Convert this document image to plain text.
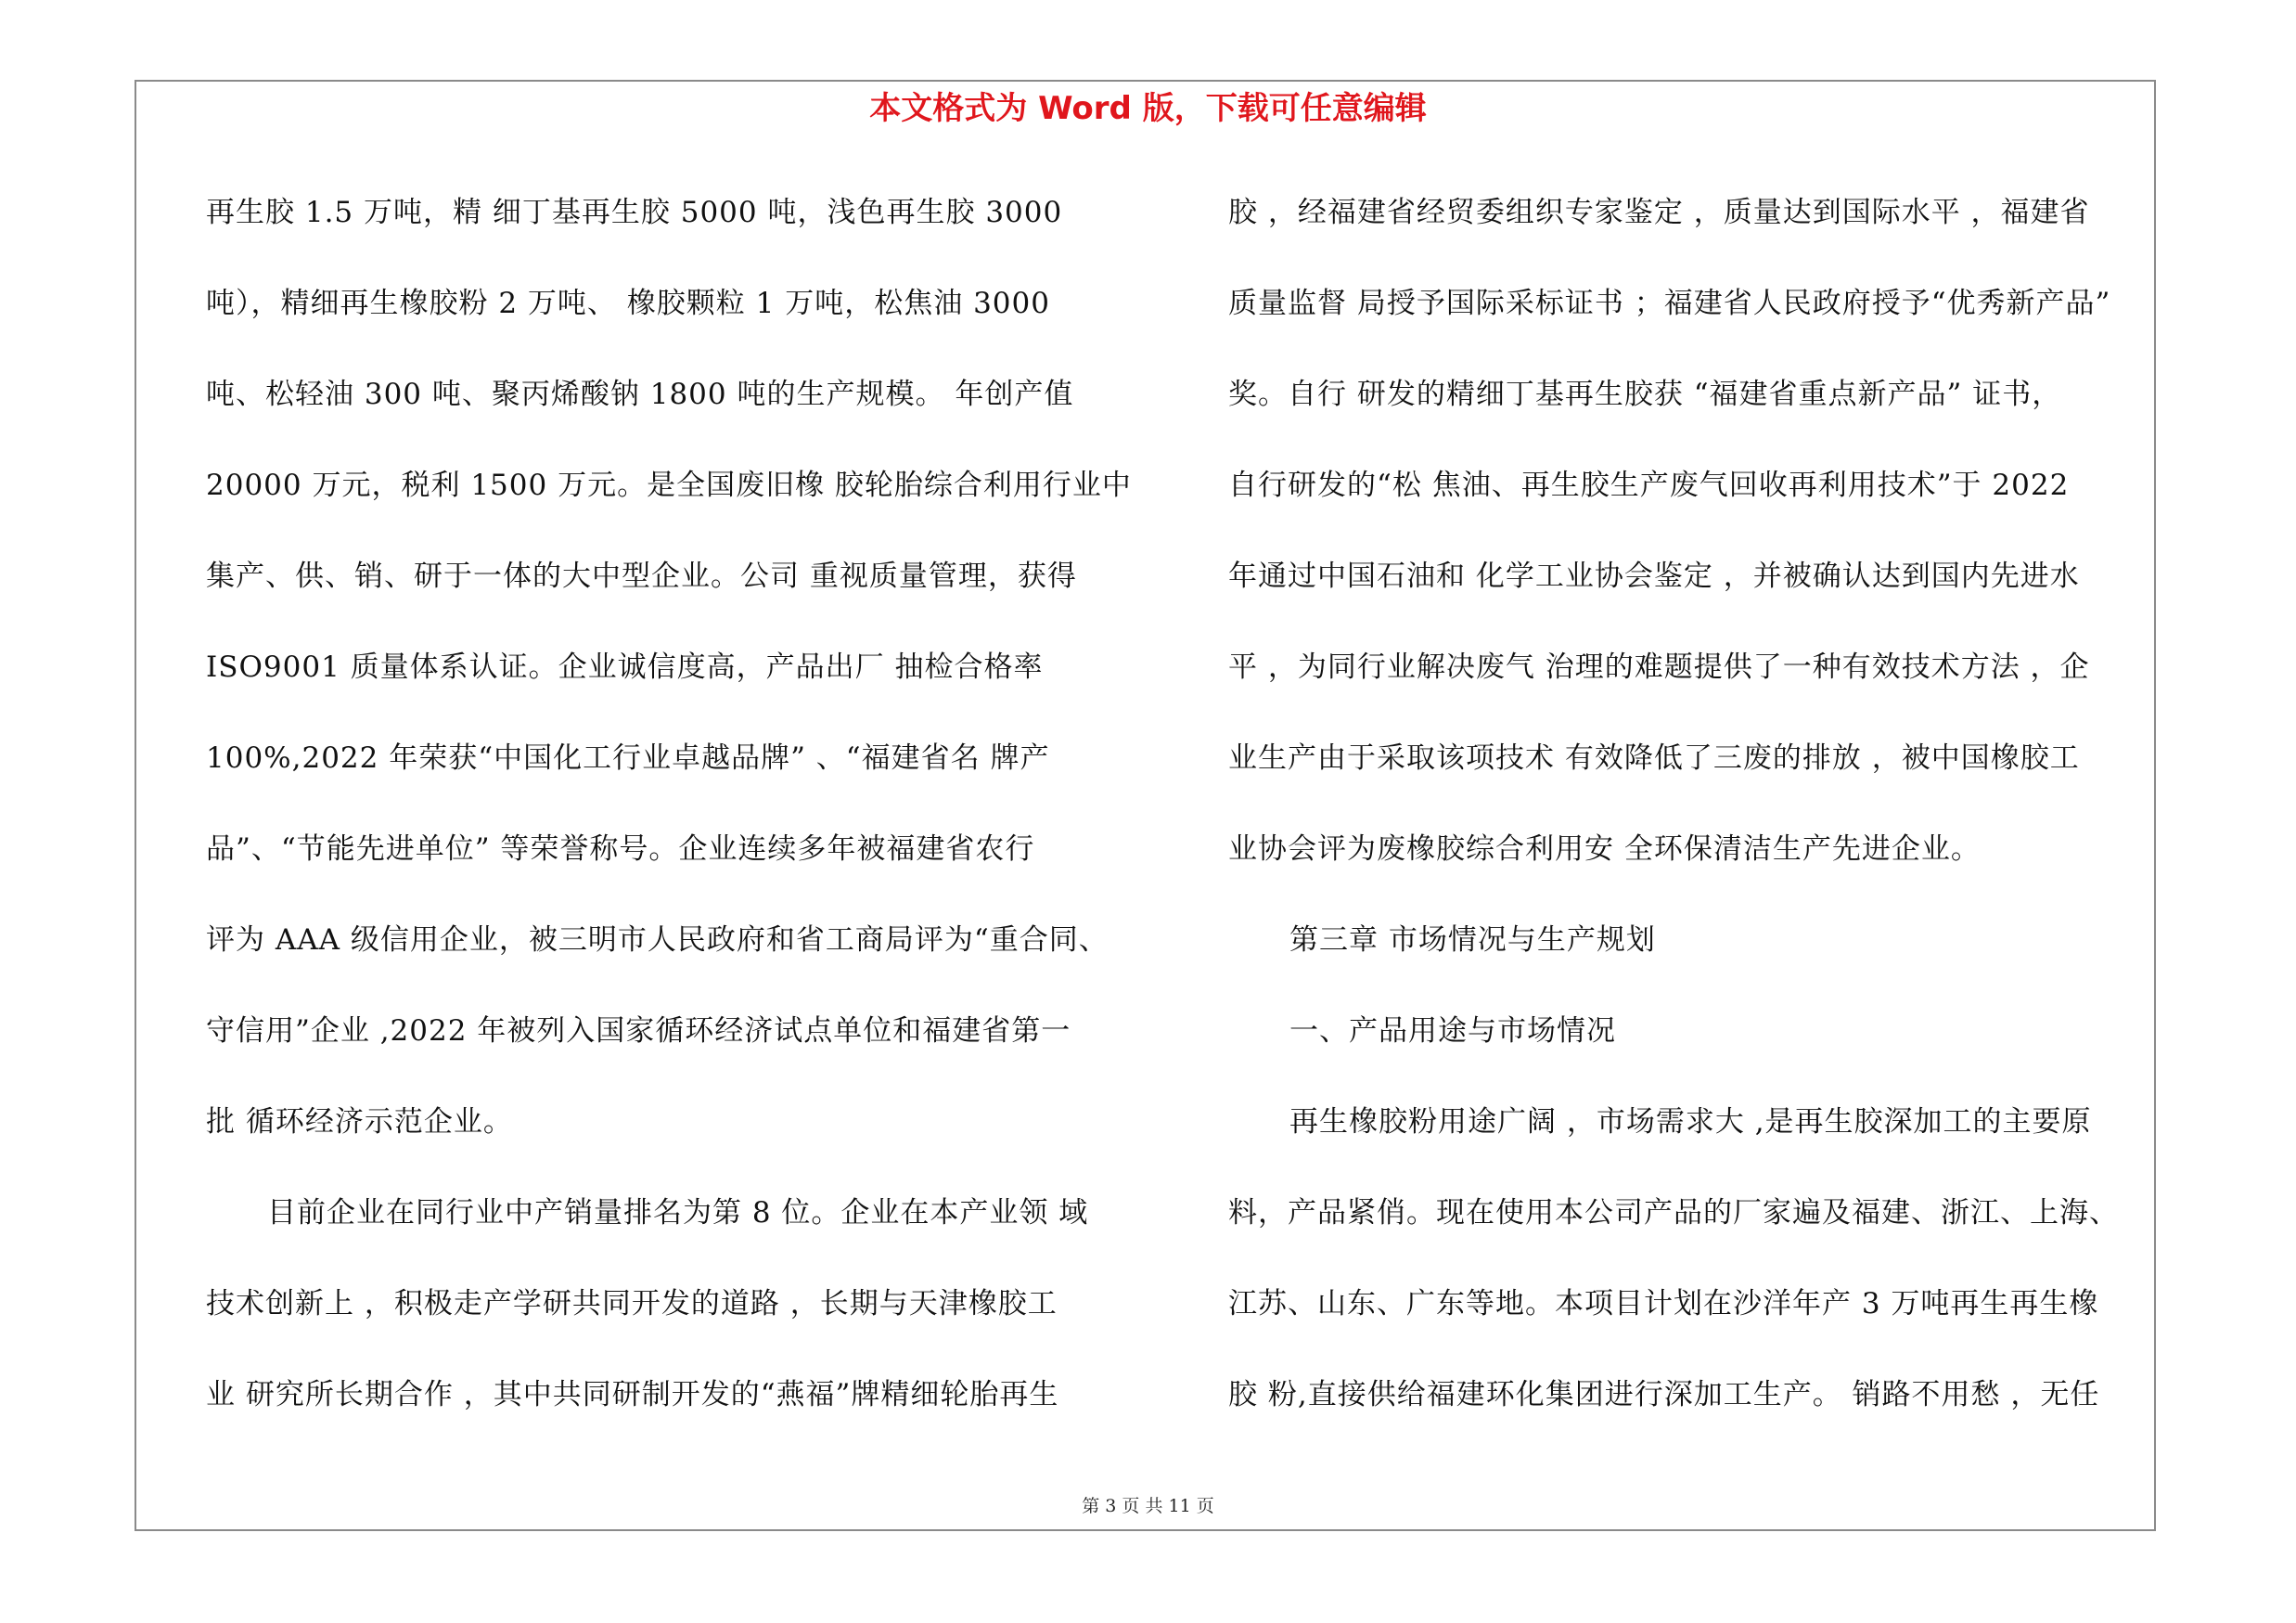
本文格式为 Word 版，下载可任意编辑
再生胶 1.5 万吨，精 细丁基再生胶 5000 吨，浅色再生胶 3000
吨），精细再生橡胶粉 2 万吨、 橡胶颗粒 1 万吨，松焦油 3000
吨、松轻油 300 吨、聚丙烯酸钠 1800 吨的生产规模。 年创产值
20000 万元，税利 1500 万元。是全国废旧橡 胶轮胎综合利用行业中
集产、供、销、研于一体的大中型企业。公司 重视质量管理，获得
ISO9001 质量体系认证。企业诚信度高，产品出厂 抽检合格率
100%,2022 年荣获“中国化工行业卓越品牌” 、“福建省名 牌产
品”、“节能先进单位” 等荣誉称号。企业连续多年被福建省农行
评为 AAA 级信用企业，被三明市人民政府和省工商局评为“重合同、
守信用”企业 ,2022 年被列入国家循环经济试点单位和福建省第一
批 循环经济示范企业。
目前企业在同行业中产销量排名为第 8 位。企业在本产业领 域
技术创新上 ，积极走产学研共同开发的道路 ，长期与天津橡胶工
业 研究所长期合作 ，其中共同研制开发的“燕福”牌精细轮胎再生
胶 ，经福建省经贸委组织专家鉴定 ，质量达到国际水平 ，福建省
质量监督 局授予国际采标证书 ；福建省人民政府授予“优秀新产品”
奖。自行 研发的精细丁基再生胶获 “福建省重点新产品” 证书，
自行研发的“松 焦油、再生胶生产废气回收再利用技术”于 2022
年通过中国石油和 化学工业协会鉴定 ，并被确认达到国内先进水
平 ，为同行业解决废气 治理的难题提供了一种有效技术方法 ，企
业生产由于采取该项技术 有效降低了三废的排放 ，被中国橡胶工
业协会评为废橡胶综合利用安 全环保清洁生产先进企业。
第三章 市场情况与生产规划
一、产品用途与市场情况
再生橡胶粉用途广阔 ，市场需求大 ,是再生胶深加工的主要原
料，产品紧俏。现在使用本公司产品的厂家遍及福建、浙江、上海、
江苏、山东、广东等地。本项目计划在沙洋年产 3 万吨再生再生橡
胶 粉,直接供给福建环化集团进行深加工生产。 销路不用愁 ，无任
第 3 页 共 11 页
